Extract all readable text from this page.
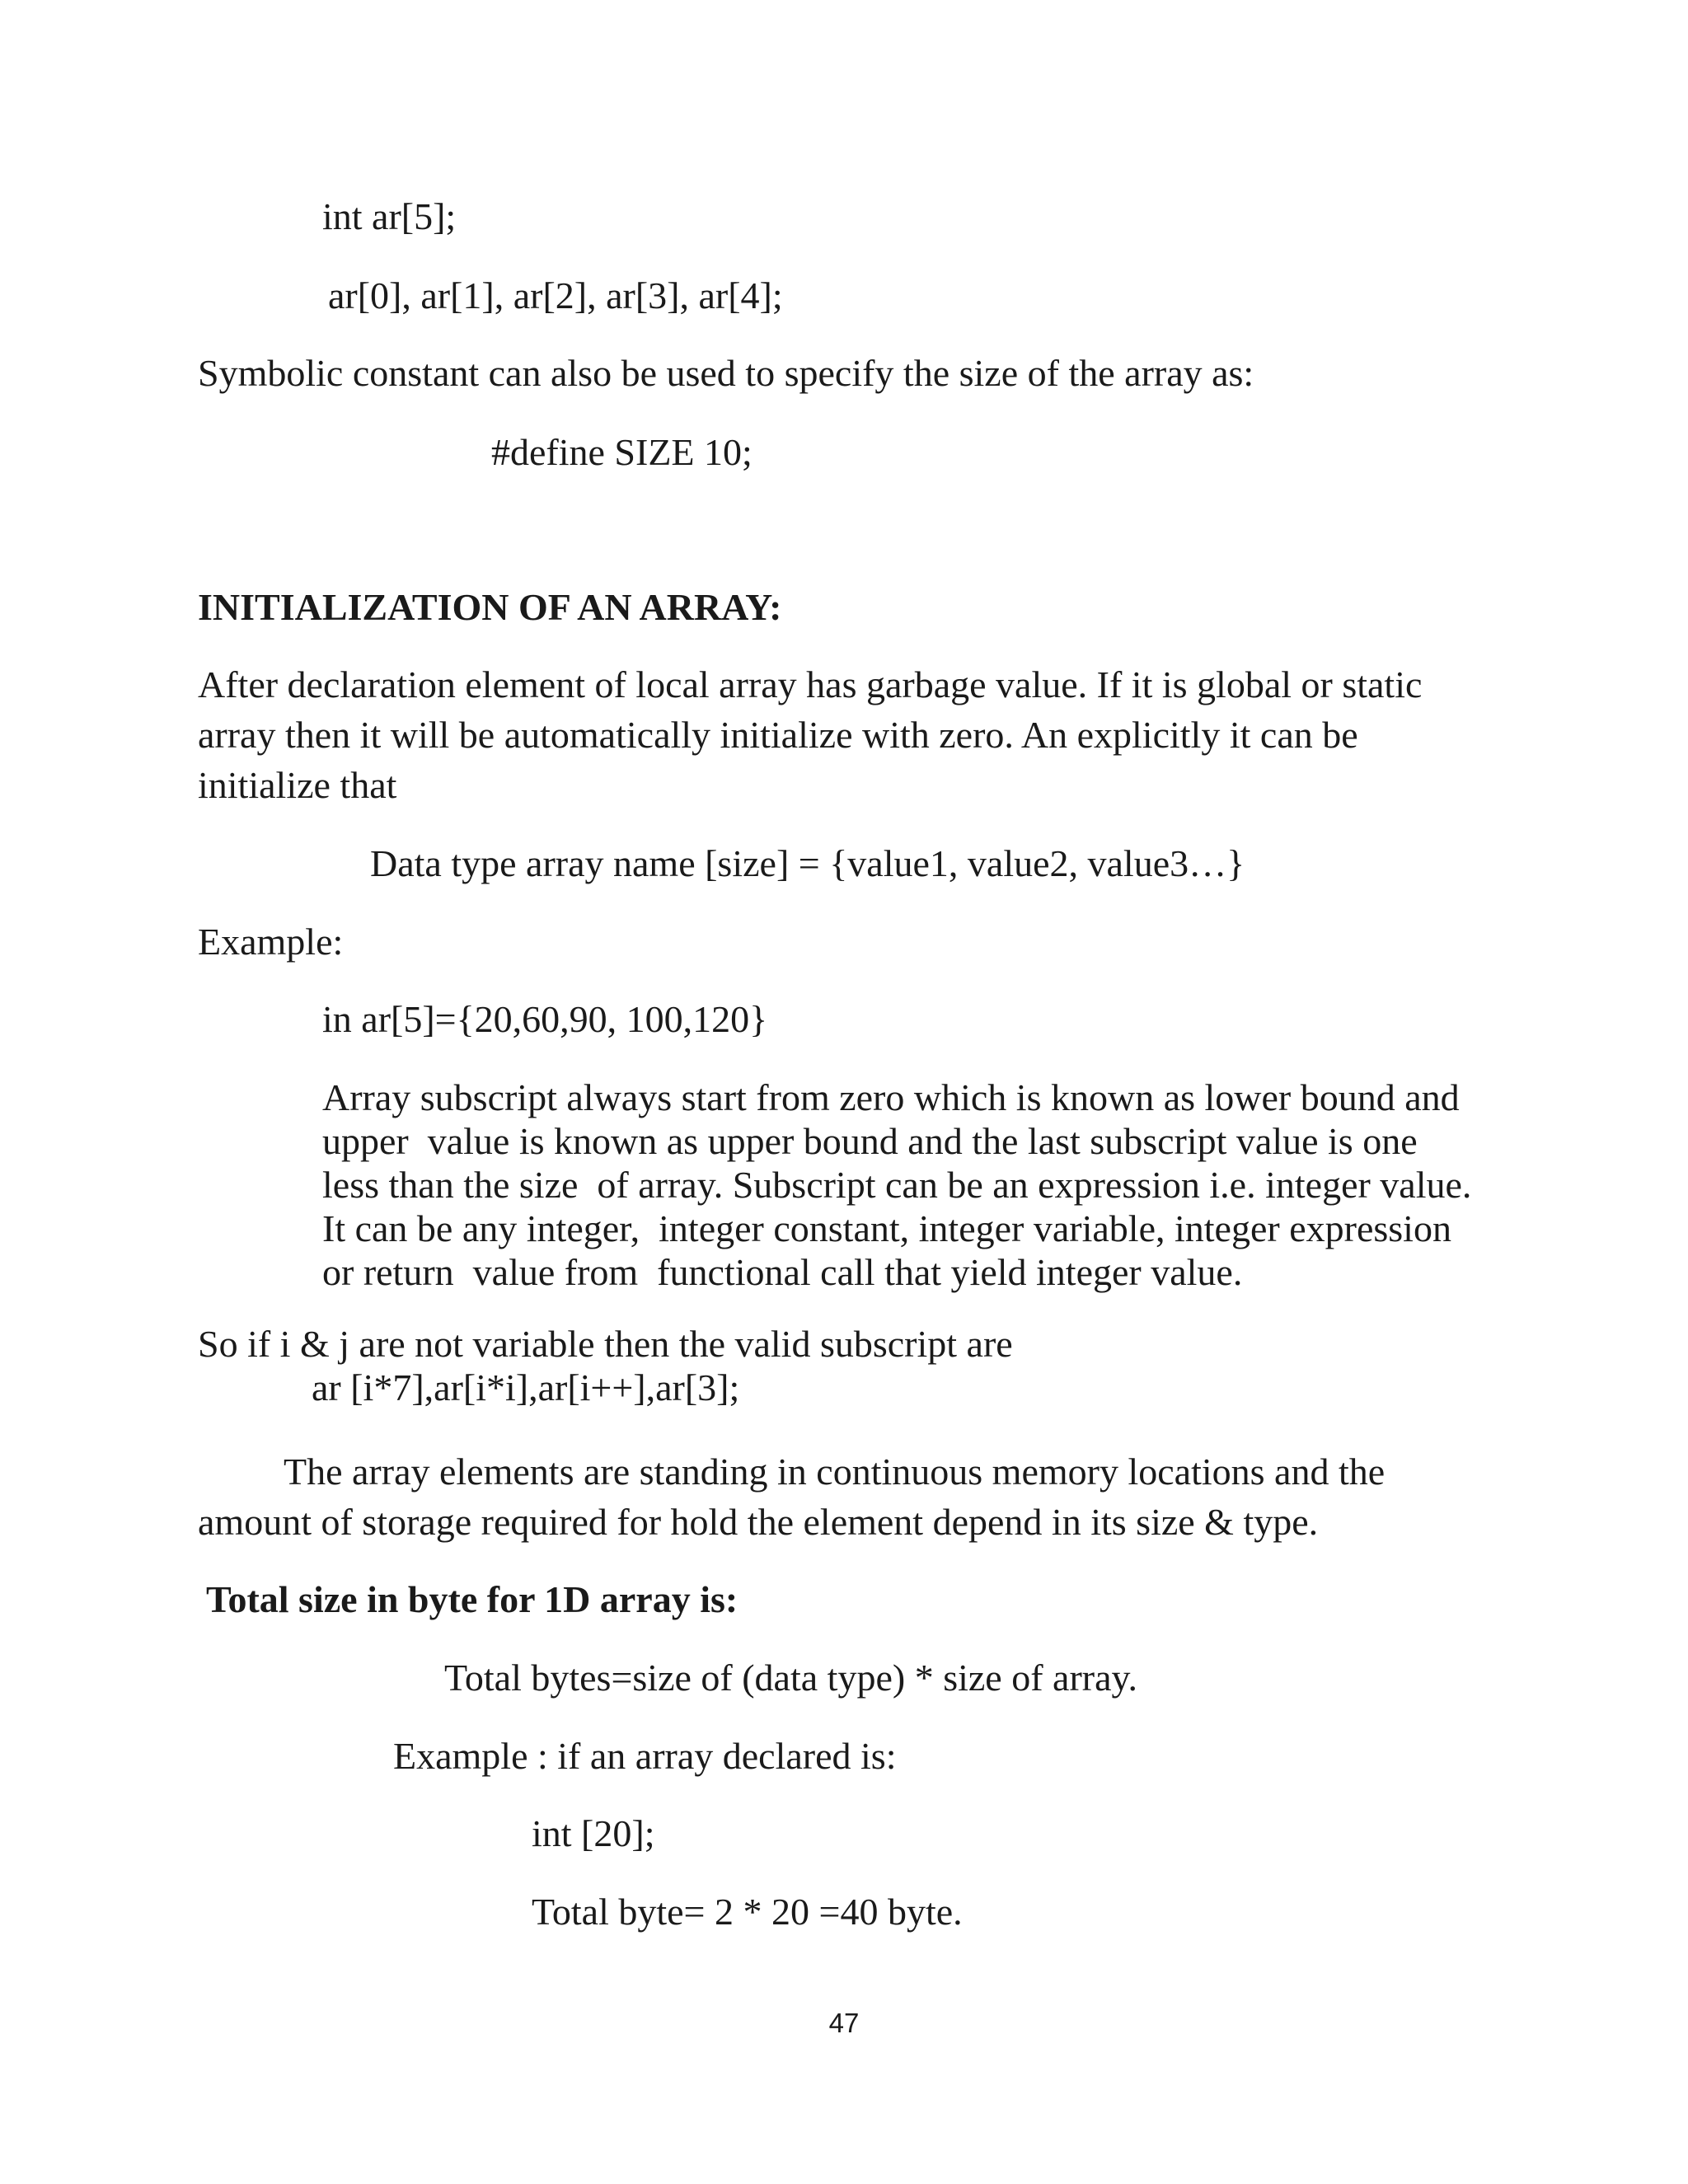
int ar[5];

ar[0], ar[1], ar[2], ar[3], ar[4];

Symbolic constant can also be used to specify the size of the array as:

#define SIZE 10;

INITIALIZATION OF AN ARRAY:

After declaration element of local array has garbage value. If it is global or static

array then it will be automatically initialize with zero. An explicitly it can be

initialize that

Data type array name [size] = {value1, value2, value3…}

Example:

in ar[5]={20,60,90, 100,120}

Array subscript always start from zero which is known as lower bound and

upper  value is known as upper bound and the last subscript value is one

less than the size  of array. Subscript can be an expression i.e. integer value.

It can be any integer,  integer constant, integer variable, integer expression

or return  value from  functional call that yield integer value.

So if i & j are not variable then the valid subscript are

ar [i*7],ar[i*i],ar[i++],ar[3];

The array elements are standing in continuous memory locations and the

amount of storage required for hold the element depend in its size & type.

Total size in byte for 1D array is:

Total bytes=size of (data type) * size of array.

Example : if an array declared is:

int [20];

Total byte= 2 * 20 =40 byte.

47
